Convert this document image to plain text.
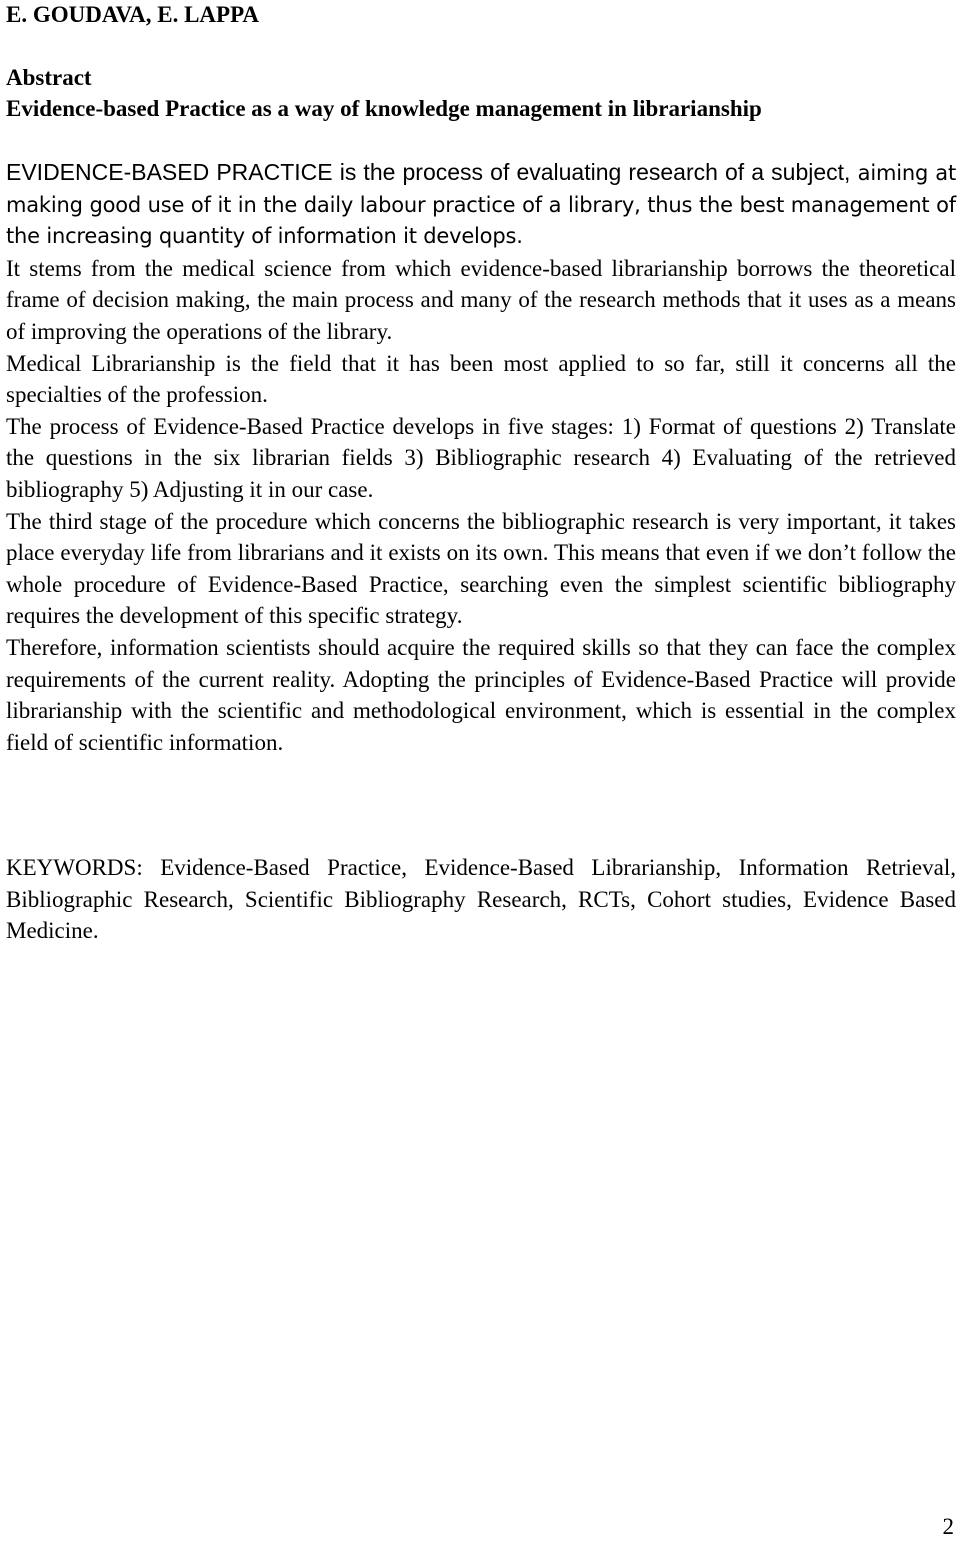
E. GOUDAVA, E. LAPPA
Abstract
Evidence-based Practice as a way of knowledge management in librarianship

EVIDENCE-BASED PRACTICE is the process of evaluating research of a subject, aiming at making good use of it in the daily labour practice of a library, thus the best management of the increasing quantity of information it develops.

It stems from the medical science from which evidence-based librarianship borrows the theoretical frame of decision making, the main process and many of the research methods that it uses as a means of improving the operations of the library.

Medical Librarianship is the field that it has been most applied to so far, still it concerns all the specialties of the profession.

The process of Evidence-Based Practice develops in five stages: 1) Format of questions 2) Translate the questions in the six librarian fields 3) Bibliographic research 4) Evaluating of the retrieved bibliography 5) Adjusting it in our case.

The third stage of the procedure which concerns the bibliographic research is very important, it takes place everyday life from librarians and it exists on its own. This means that even if we don’t follow the whole procedure of Evidence-Based Practice, searching even the simplest scientific bibliography requires the development of this specific strategy.

Therefore, information scientists should acquire the required skills so that they can face the complex requirements of the current reality. Adopting the principles of Evidence-Based Practice will provide librarianship with the scientific and methodological environment, which is essential in the complex field of scientific information.

KEYWORDS: Evidence-Based Practice, Evidence-Based Librarianship, Information Retrieval, Bibliographic Research, Scientific Bibliography Research, RCTs, Cohort studies, Evidence Based Medicine.

2
